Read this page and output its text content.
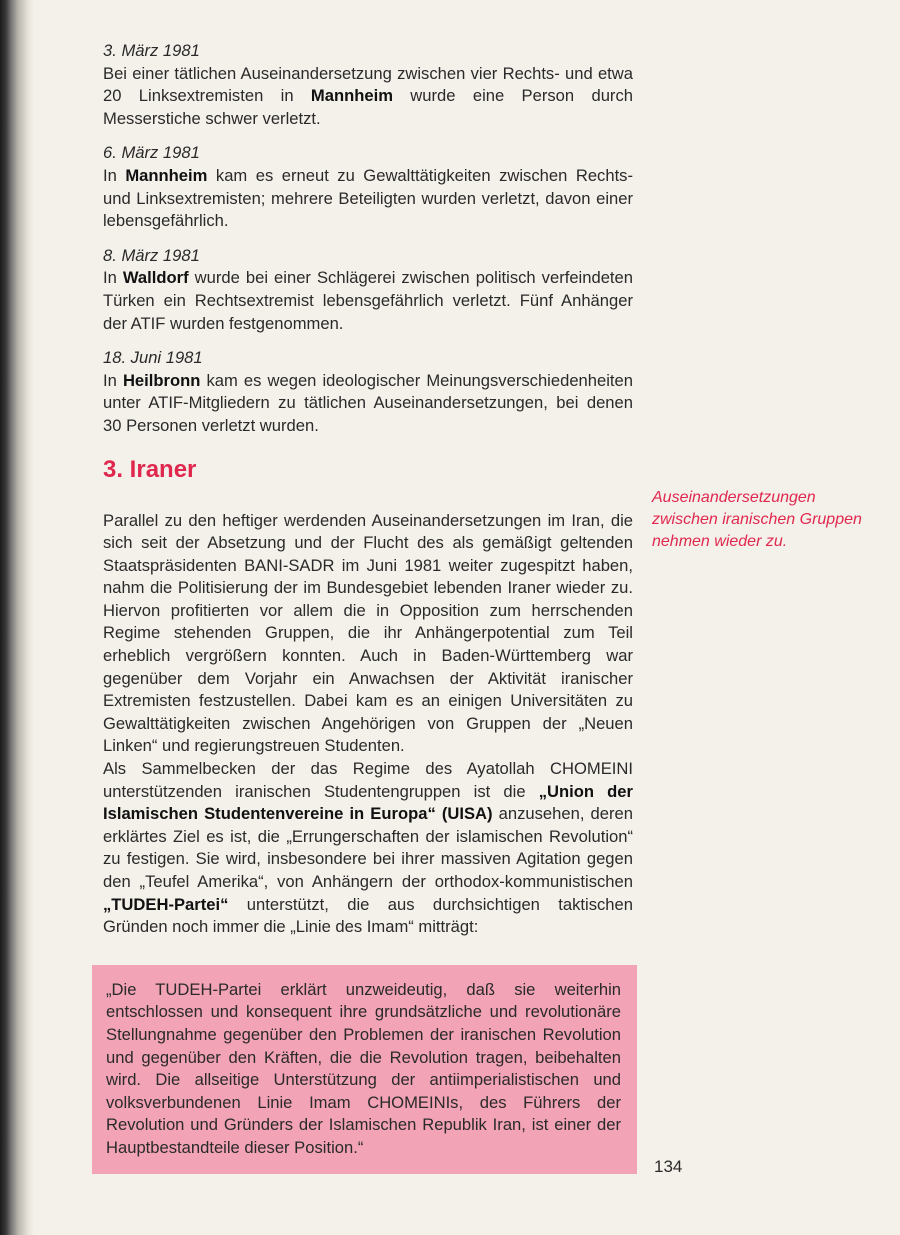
3. März 1981
Bei einer tätlichen Auseinandersetzung zwischen vier Rechts- und etwa 20 Linksextremisten in Mannheim wurde eine Person durch Messerstiche schwer verletzt.
6. März 1981
In Mannheim kam es erneut zu Gewalttätigkeiten zwischen Rechts- und Linksextremisten; mehrere Beteiligten wurden verletzt, davon einer lebensgefährlich.
8. März 1981
In Walldorf wurde bei einer Schlägerei zwischen politisch verfeindeten Türken ein Rechtsextremist lebensgefährlich verletzt. Fünf Anhänger der ATIF wurden festgenommen.
18. Juni 1981
In Heilbronn kam es wegen ideologischer Meinungsverschiedenheiten unter ATIF-Mitgliedern zu tätlichen Auseinandersetzungen, bei denen 30 Personen verletzt wurden.
3. Iraner
Parallel zu den heftiger werdenden Auseinandersetzungen im Iran, die sich seit der Absetzung und der Flucht des als gemäßigt geltenden Staatspräsidenten BANI-SADR im Juni 1981 weiter zugespitzt haben, nahm die Politisierung der im Bundesgebiet lebenden Iraner wieder zu. Hiervon profitierten vor allem die in Opposition zum herrschenden Regime stehenden Gruppen, die ihr Anhängerpotential zum Teil erheblich vergrößern konnten. Auch in Baden-Württemberg war gegenüber dem Vorjahr ein Anwachsen der Aktivität iranischer Extremisten festzustellen. Dabei kam es an einigen Universitäten zu Gewalttätigkeiten zwischen Angehörigen von Gruppen der „Neuen Linken“ und regierungstreuen Studenten.
Als Sammelbecken der das Regime des Ayatollah CHOMEINI unterstützenden iranischen Studentengruppen ist die „Union der Islamischen Studentenvereine in Europa“ (UISA) anzusehen, deren erklärtes Ziel es ist, die „Errungerschaften der islamischen Revolution“ zu festigen. Sie wird, insbesondere bei ihrer massiven Agitation gegen den „Teufel Amerika“, von Anhängern der orthodox-kommunistischen „TUDEH-Partei“ unterstützt, die aus durchsichtigen taktischen Gründen noch immer die „Linie des Imam“ mitträgt:
„Die TUDEH-Partei erklärt unzweideutig, daß sie weiterhin entschlossen und konsequent ihre grundsätzliche und revolutionäre Stellungnahme gegenüber den Problemen der iranischen Revolution und gegenüber den Kräften, die die Revolution tragen, beibehalten wird. Die allseitige Unterstützung der antiimperialistischen und volksverbundenen Linie Imam CHOMEINIs, des Führers der Revolution und Gründers der Islamischen Republik Iran, ist einer der Hauptbestandteile dieser Position.“
Auseinandersetzungen zwischen iranischen Gruppen nehmen wieder zu.
134
